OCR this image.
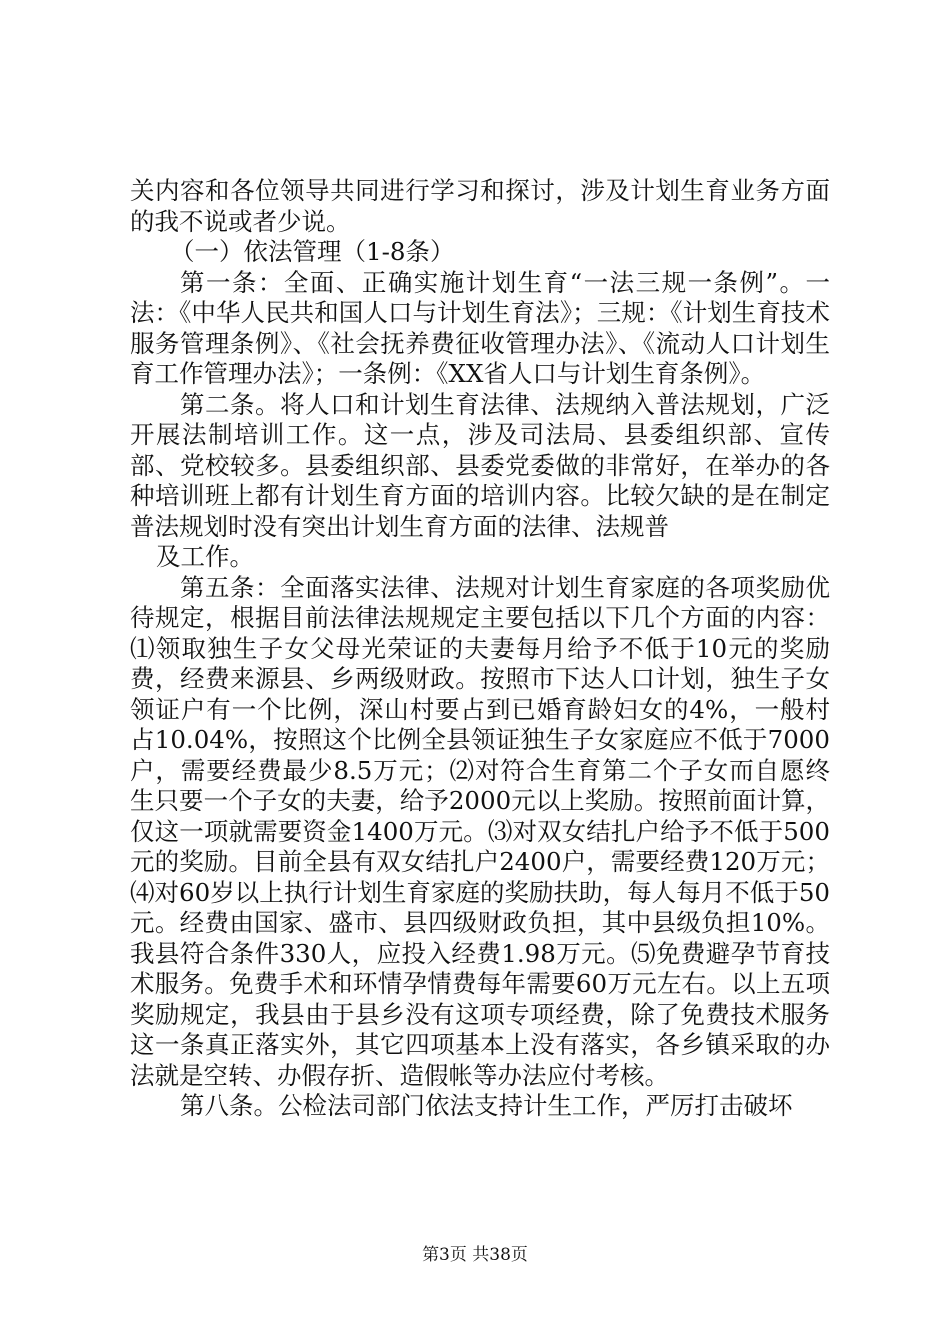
关内容和各位领导共同进行学习和探讨，涉及计划生育业务方面的我不说或者少说。

（一）依法管理（1-8条）

第一条：全面、正确实施计划生育“一法三规一条例”。一法：《中华人民共和国人口与计划生育法》；三规：《计划生育技术服务管理条例》、《社会抚养费征收管理办法》、《流动人口计划生育工作管理办法》；一条例：《XX省人口与计划生育条例》。

第二条。将人口和计划生育法律、法规纳入普法规划，广泛开展法制培训工作。这一点，涉及司法局、县委组织部、宣传部、党校较多。县委组织部、县委党委做的非常好，在举办的各种培训班上都有计划生育方面的培训内容。比较欠缺的是在制定普法规划时没有突出计划生育方面的法律、法规普

及工作。

第五条：全面落实法律、法规对计划生育家庭的各项奖励优待规定，根据目前法律法规规定主要包括以下几个方面的内容：⑴领取独生子女父母光荣证的夫妻每月给予不低于10元的奖励费，经费来源县、乡两级财政。按照市下达人口计划，独生子女领证户有一个比例，深山村要占到已婚育龄妇女的4%，一般村占10.04%，按照这个比例全县领证独生子女家庭应不低于7000户，需要经费最少8.5万元；⑵对符合生育第二个子女而自愿终生只要一个子女的夫妻，给予2000元以上奖励。按照前面计算，仅这一项就需要资金1400万元。⑶对双女结扎户给予不低于500元的奖励。目前全县有双女结扎户2400户，需要经费120万元；⑷对60岁以上执行计划生育家庭的奖励扶助，每人每月不低于50元。经费由国家、盛市、县四级财政负担，其中县级负担10%。我县符合条件330人，应投入经费1.98万元。⑸免费避孕节育技术服务。免费手术和环情孕情费每年需要60万元左右。以上五项奖励规定，我县由于县乡没有这项专项经费，除了免费技术服务这一条真正落实外，其它四项基本上没有落实，各乡镇采取的办法就是空转、办假存折、造假帐等办法应付考核。

第八条。公检法司部门依法支持计生工作，严厉打击破坏

第3页 共38页
